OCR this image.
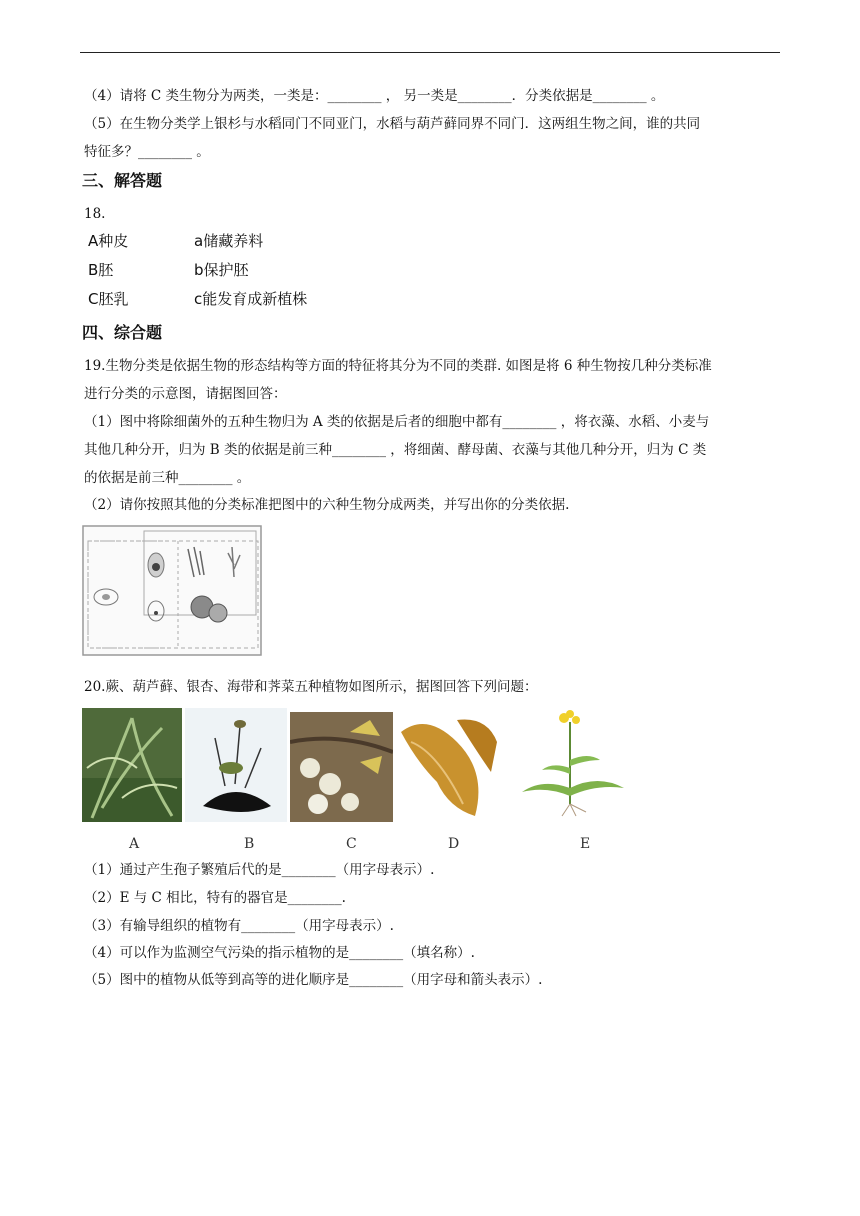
（4）请将 C 类生物分为两类，一类是：________ ， 另一类是________．分类依据是________ 。
（5）在生物分类学上银杉与水稻同门不同亚门，水稻与葫芦藓同界不同门．这两组生物之间，谁的共同
特征多？________ 。
三、解答题
18.
A种皮	a储藏养料
B胚	b保护胚
C胚乳	c能发育成新植株
四、综合题
19.生物分类是依据生物的形态结构等方面的特征将其分为不同的类群. 如图是将 6 种生物按几种分类标准
进行分类的示意图，请据图回答：
（1）图中将除细菌外的五种生物归为 A 类的依据是后者的细胞中都有________ ，将衣藻、水稻、小麦与
其他几种分开，归为 B 类的依据是前三种________ ，将细菌、酵母菌、衣藻与其他几种分开，归为 C 类
的依据是前三种________ 。
（2）请你按照其他的分类标准把图中的六种生物分成两类，并写出你的分类依据.
20.蕨、葫芦藓、银杏、海带和荠菜五种植物如图所示，据图回答下列问题：
A	B	C	D	E
（1）通过产生孢子繁殖后代的是________（用字母表示）.
（2）E 与 C 相比，特有的器官是________.
（3）有输导组织的植物有________（用字母表示）.
（4）可以作为监测空气污染的指示植物的是________（填名称）.
（5）图中的植物从低等到高等的进化顺序是________（用字母和箭头表示）.
